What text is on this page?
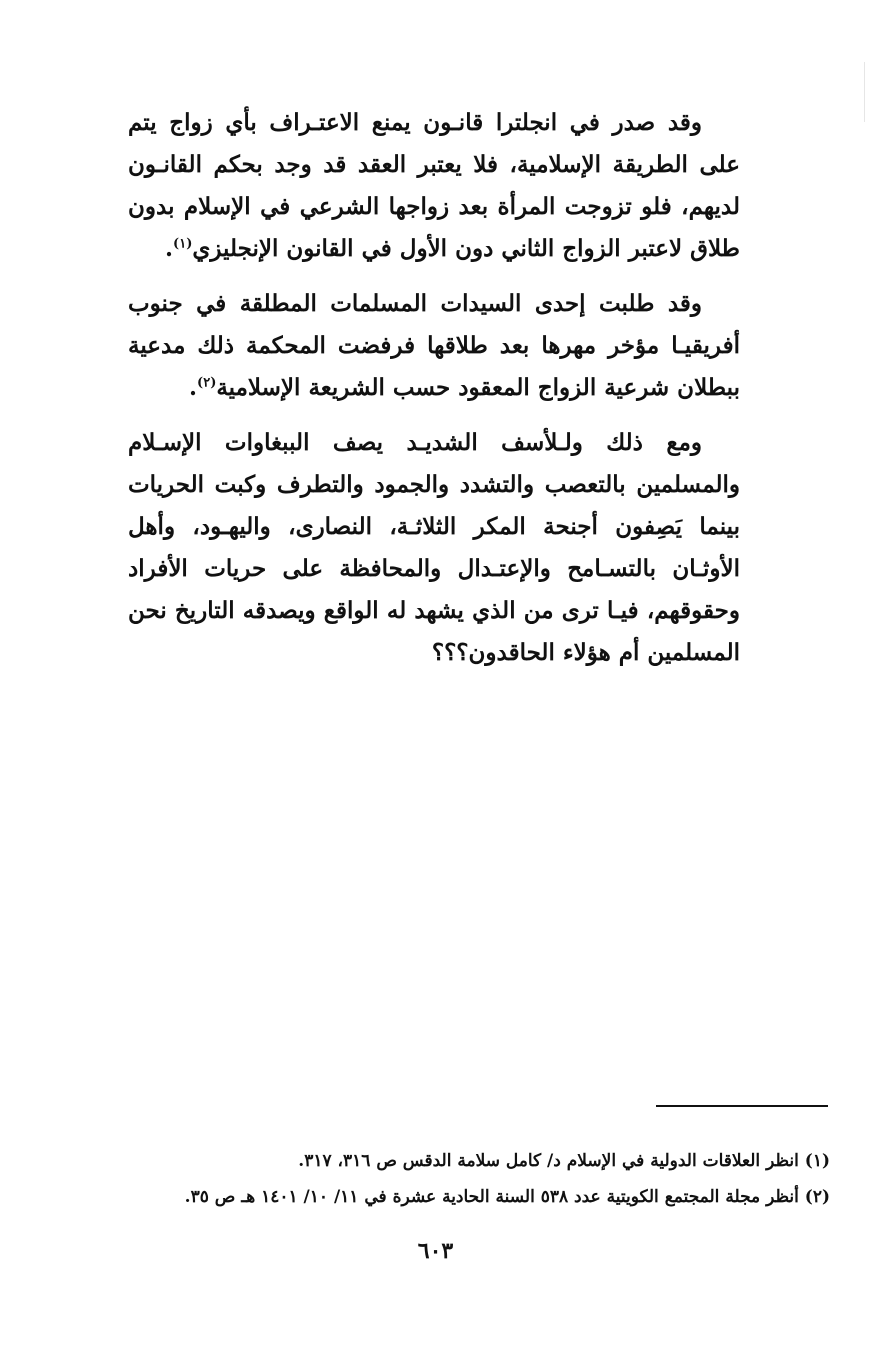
وقد صدر في انجلترا قانـون يمنع الاعتـراف بأي زواج يتم على الطريقة الإسلامية، فلا يعتبر العقد قد وجد بحكم القانـون لديهم، فلو تزوجت المرأة بعد زواجها الشرعي في الإسلام بدون طلاق لاعتبر الزواج الثاني دون الأول في القانون الإنجليزي$^{(١)}$.

وقد طلبت إحدى السيدات المسلمات المطلقة في جنوب أفريقيـا مؤخر مهرها بعد طلاقها فرفضت المحكمة ذلك مدعية ببطلان شرعية الزواج المعقود حسب الشريعة الإسلامية$^{(٢)}$.

ومع ذلك ولـلأسف الشديـد يصف الببغاوات الإسـلام والمسلمين بالتعصب والتشدد والجمود والتطرف وكبت الحريات بينما يَصِفون أجنحة المكر الثلاثـة، النصارى، واليهـود، وأهل الأوثـان بالتسـامح والإعتـدال والمحافظة على حريات الأفراد وحقوقهم، فيـا ترى من الذي يشهد له الواقع ويصدقه التاريخ نحن المسلمين أم هؤلاء الحاقدون؟؟؟

(١) انظر العلاقات الدولية في الإسلام د/ كامل سلامة الدقس ص ٣١٦، ٣١٧.

(٢) أنظر مجلة المجتمع الكويتية عدد ٥٣٨ السنة الحادية عشرة في ١١/ ١٠/ ١٤٠١ هـ ص ٣٥.

٦٠٣
